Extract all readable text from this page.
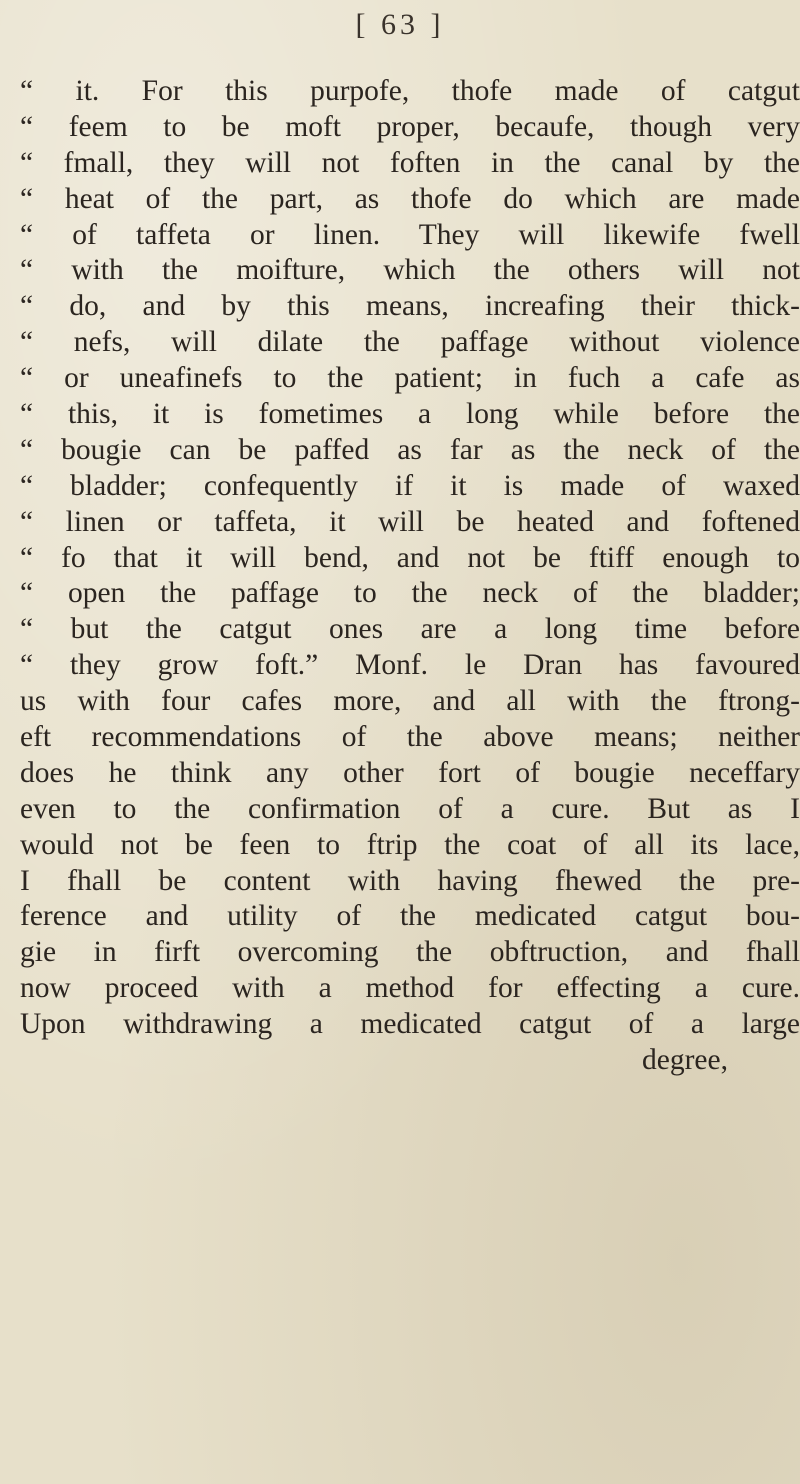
[ 63 ]
“ it. For this purpofe, thofe made of catgut
“ feem to be moft proper, becaufe, though very
“ fmall, they will not foften in the canal by the
“ heat of the part, as thofe do which are made
“ of taffeta or linen. They will likewife fwell
“ with the moifture, which the others will not
“ do, and by this means, increafing their thick-
“ nefs, will dilate the paffage without violence
“ or uneafinefs to the patient; in fuch a cafe as
“ this, it is fometimes a long while before the
“ bougie can be paffed as far as the neck of the
“ bladder; confequently if it is made of waxed
“ linen or taffeta, it will be heated and foftened
“ fo that it will bend, and not be ftiff enough to
“ open the paffage to the neck of the bladder;
“ but the catgut ones are a long time before
“ they grow foft.” Monf. le Dran has favoured
us with four cafes more, and all with the ftrong-
eft recommendations of the above means; neither
does he think any other fort of bougie neceffary
even to the confirmation of a cure. But as I
would not be feen to ftrip the coat of all its lace,
I fhall be content with having fhewed the pre-
ference and utility of the medicated catgut bou-
gie in firft overcoming the obftruction, and fhall
now proceed with a method for effecting a cure.
Upon withdrawing a medicated catgut of a large
degree,
